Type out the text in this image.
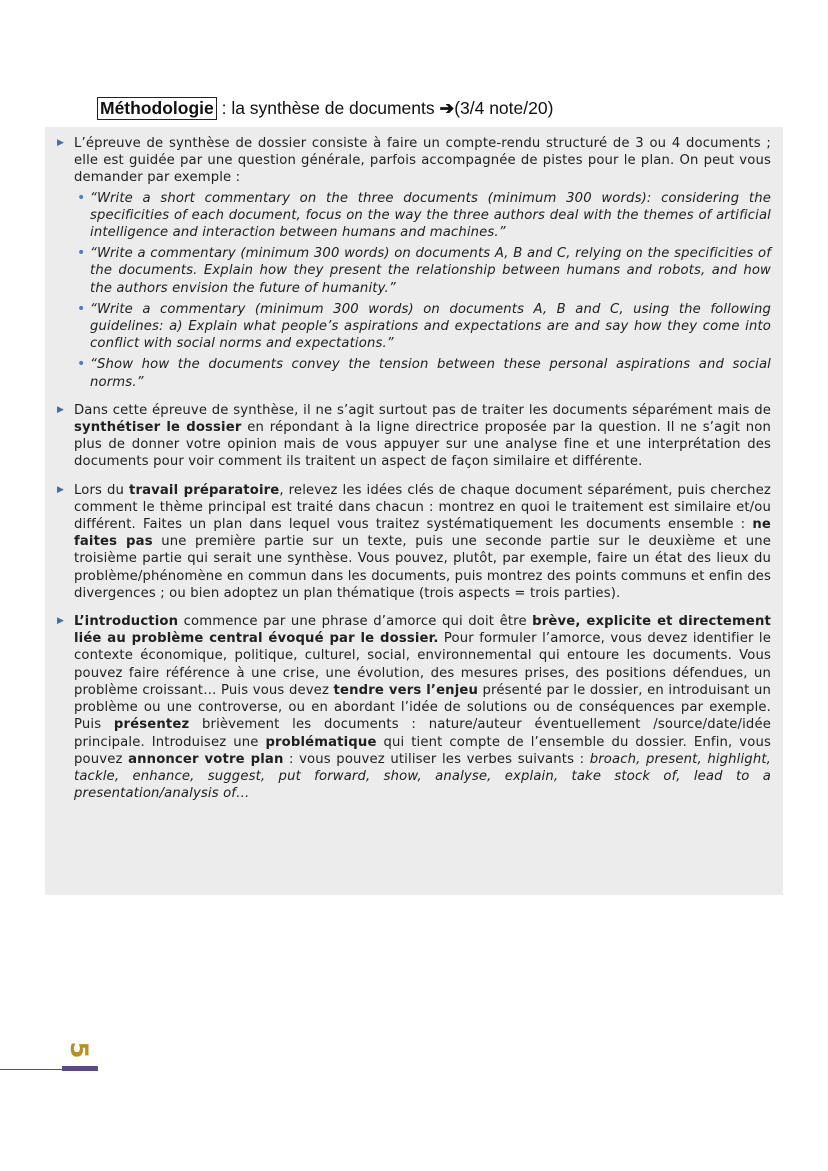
Méthodologie : la synthèse de documents ➔(3/4 note/20)
▶ L’épreuve de synthèse de dossier consiste à faire un compte-rendu structuré de 3 ou 4 documents ; elle est guidée par une question générale, parfois accompagnée de pistes pour le plan. On peut vous demander par exemple :
• “Write a short commentary on the three documents (minimum 300 words): considering the specificities of each document, focus on the way the three authors deal with the themes of artificial intelligence and interaction between humans and machines.”
• “Write a commentary (minimum 300 words) on documents A, B and C, relying on the specificities of the documents. Explain how they present the relationship between humans and robots, and how the authors envision the future of humanity.”
• “Write a commentary (minimum 300 words) on documents A, B and C, using the following guidelines: a) Explain what people’s aspirations and expectations are and say how they come into conflict with social norms and expectations.”
• “Show how the documents convey the tension between these personal aspirations and social norms.”
▶ Dans cette épreuve de synthèse, il ne s’agit surtout pas de traiter les documents séparément mais de synthétiser le dossier en répondant à la ligne directrice proposée par la question. Il ne s’agit non plus de donner votre opinion mais de vous appuyer sur une analyse fine et une interprétation des documents pour voir comment ils traitent un aspect de façon similaire et différente.
▶ Lors du travail préparatoire, relevez les idées clés de chaque document séparément, puis cherchez comment le thème principal est traité dans chacun : montrez en quoi le traitement est similaire et/ou différent. Faites un plan dans lequel vous traitez systématiquement les documents ensemble : ne faites pas une première partie sur un texte, puis une seconde partie sur le deuxième et une troisième partie qui serait une synthèse. Vous pouvez, plutôt, par exemple, faire un état des lieux du problème/phénomène en commun dans les documents, puis montrez des points communs et enfin des divergences ; ou bien adoptez un plan thématique (trois aspects = trois parties).
▶ L’introduction commence par une phrase d’amorce qui doit être brève, explicite et directement liée au problème central évoqué par le dossier. Pour formuler l’amorce, vous devez identifier le contexte économique, politique, culturel, social, environnemental qui entoure les documents. Vous pouvez faire référence à une crise, une évolution, des mesures prises, des positions défendues, un problème croissant… Puis vous devez tendre vers l’enjeu présenté par le dossier, en introduisant un problème ou une controverse, ou en abordant l’idée de solutions ou de conséquences par exemple. Puis présentez brièvement les documents : nature/auteur éventuellement /source/date/idée principale. Introduisez une problématique qui tient compte de l’ensemble du dossier. Enfin, vous pouvez annoncer votre plan : vous pouvez utiliser les verbes suivants : broach, present, highlight, tackle, enhance, suggest, put forward, show, analyse, explain, take stock of, lead to a presentation/analysis of…
5
